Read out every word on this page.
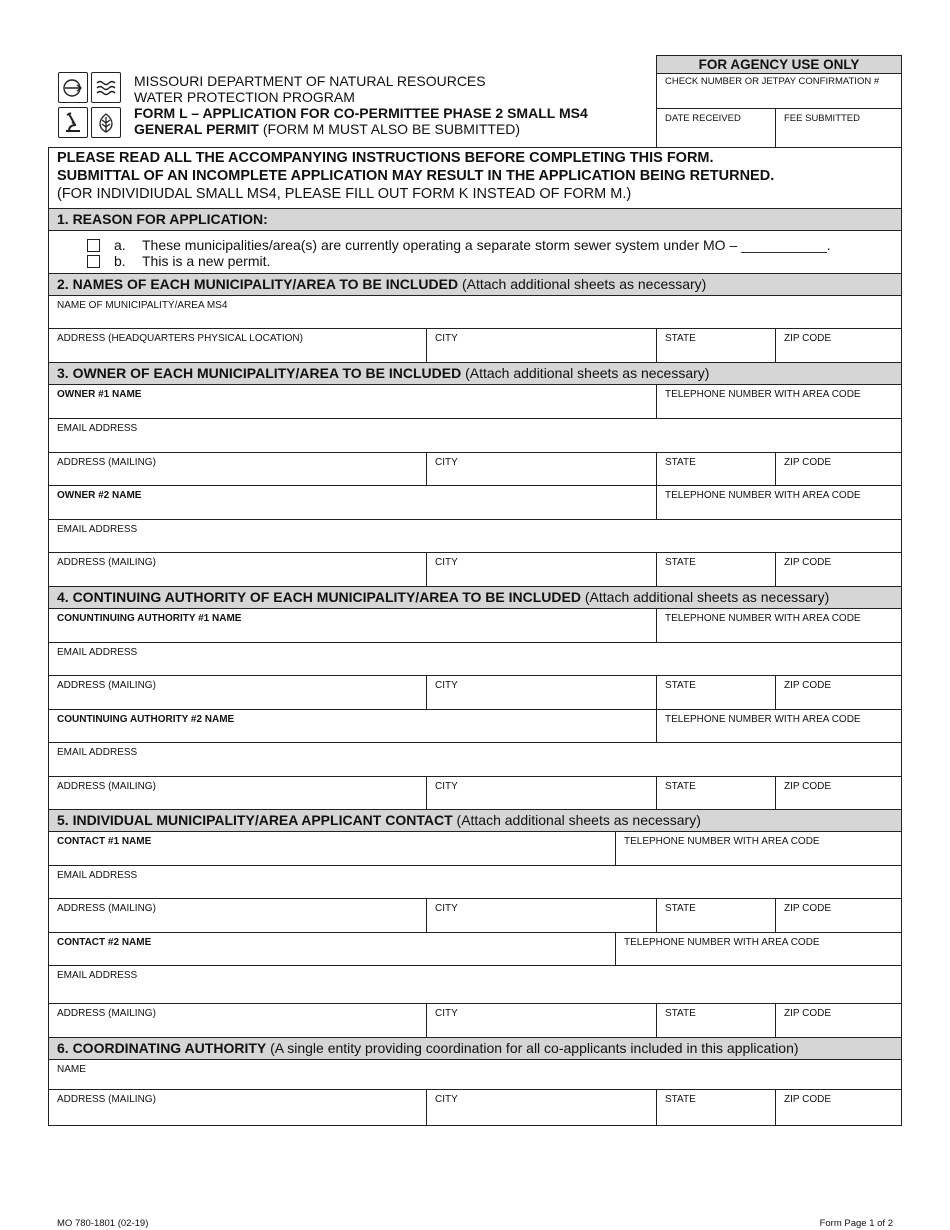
MISSOURI DEPARTMENT OF NATURAL RESOURCES
WATER PROTECTION PROGRAM
FORM L – APPLICATION FOR CO-PERMITTEE PHASE 2 SMALL MS4
GENERAL PERMIT (FORM M MUST ALSO BE SUBMITTED)
FOR AGENCY USE ONLY
CHECK NUMBER OR JETPAY CONFIRMATION #
DATE RECEIVED	FEE SUBMITTED
PLEASE READ ALL THE ACCOMPANYING INSTRUCTIONS BEFORE COMPLETING THIS FORM.
SUBMITTAL OF AN INCOMPLETE APPLICATION MAY RESULT IN THE APPLICATION BEING RETURNED.
(FOR INDIVIDIUDAL SMALL MS4, PLEASE FILL OUT FORM K INSTEAD OF FORM M.)
1. REASON FOR APPLICATION:
a.	These municipalities/area(s) are currently operating a separate storm sewer system under MO – ___________.
b.	This is a new permit.
2. NAMES OF EACH MUNICIPALITY/AREA TO BE INCLUDED (Attach additional sheets as necessary)
NAME OF MUNICIPALITY/AREA MS4
ADDRESS (HEADQUARTERS PHYSICAL LOCATION)	CITY	STATE	ZIP CODE
3. OWNER OF EACH MUNICIPALITY/AREA TO BE INCLUDED (Attach additional sheets as necessary)
OWNER #1 NAME	TELEPHONE NUMBER WITH AREA CODE
EMAIL ADDRESS
ADDRESS (MAILING)	CITY	STATE	ZIP CODE
OWNER #2 NAME	TELEPHONE NUMBER WITH AREA CODE
EMAIL ADDRESS
ADDRESS (MAILING)	CITY	STATE	ZIP CODE
4. CONTINUING AUTHORITY OF EACH MUNICIPALITY/AREA TO BE INCLUDED (Attach additional sheets as necessary)
CONUNTINUING AUTHORITY #1 NAME	TELEPHONE NUMBER WITH AREA CODE
EMAIL ADDRESS
ADDRESS (MAILING)	CITY	STATE	ZIP CODE
COUNTINUING AUTHORITY #2 NAME	TELEPHONE NUMBER WITH AREA CODE
EMAIL ADDRESS
ADDRESS (MAILING)	CITY	STATE	ZIP CODE
5. INDIVIDUAL MUNICIPALITY/AREA APPLICANT CONTACT (Attach additional sheets as necessary)
CONTACT #1 NAME	TELEPHONE NUMBER WITH AREA CODE
EMAIL ADDRESS
ADDRESS (MAILING)	CITY	STATE	ZIP CODE
CONTACT #2 NAME	TELEPHONE NUMBER WITH AREA CODE
EMAIL ADDRESS
ADDRESS (MAILING)	CITY	STATE	ZIP CODE
6. COORDINATING AUTHORITY (A single entity providing coordination for all co-applicants included in this application)
NAME
ADDRESS (MAILING)	CITY	STATE	ZIP CODE
MO 780-1801 (02-19)	Form Page 1 of 2
